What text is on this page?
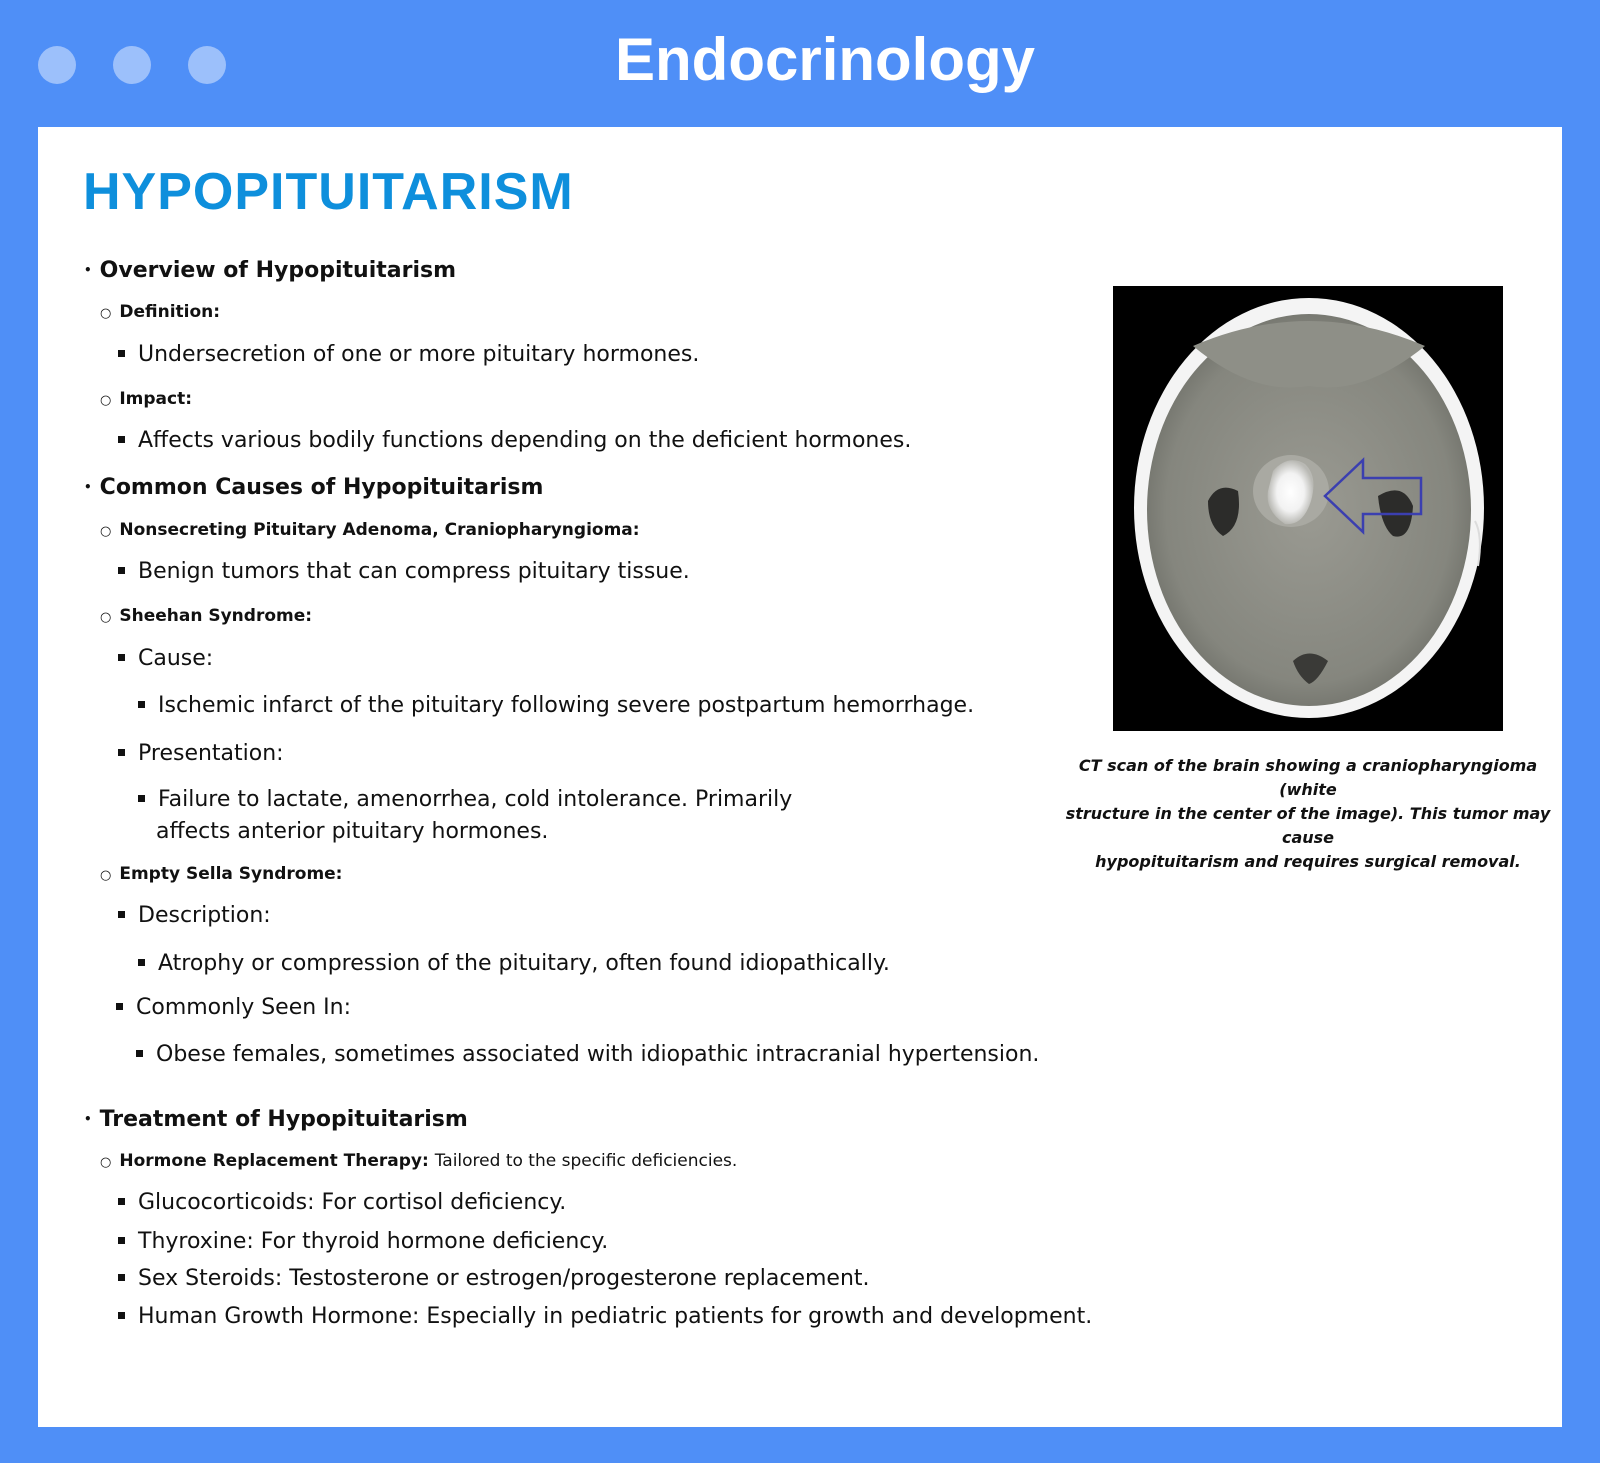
Endocrinology
HYPOPITUITARISM
• Overview of Hypopituitarism
○ Definition:
Undersecretion of one or more pituitary hormones.
○ Impact:
Affects various bodily functions depending on the deficient hormones.
• Common Causes of Hypopituitarism
○ Nonsecreting Pituitary Adenoma, Craniopharyngioma:
Benign tumors that can compress pituitary tissue.
○ Sheehan Syndrome:
Cause:
Ischemic infarct of the pituitary following severe postpartum hemorrhage.
Presentation:
Failure to lactate, amenorrhea, cold intolerance. Primarily
affects anterior pituitary hormones.
○ Empty Sella Syndrome:
Description:
Atrophy or compression of the pituitary, often found idiopathically.
Commonly Seen In:
Obese females, sometimes associated with idiopathic intracranial hypertension.
• Treatment of Hypopituitarism
○ Hormone Replacement Therapy: Tailored to the specific deficiencies.
Glucocorticoids: For cortisol deficiency.
Thyroxine: For thyroid hormone deficiency.
Sex Steroids: Testosterone or estrogen/progesterone replacement.
Human Growth Hormone: Especially in pediatric patients for growth and development.
CT scan of the brain showing a craniopharyngioma (white
structure in the center of the image). This tumor may cause
hypopituitarism and requires surgical removal.
